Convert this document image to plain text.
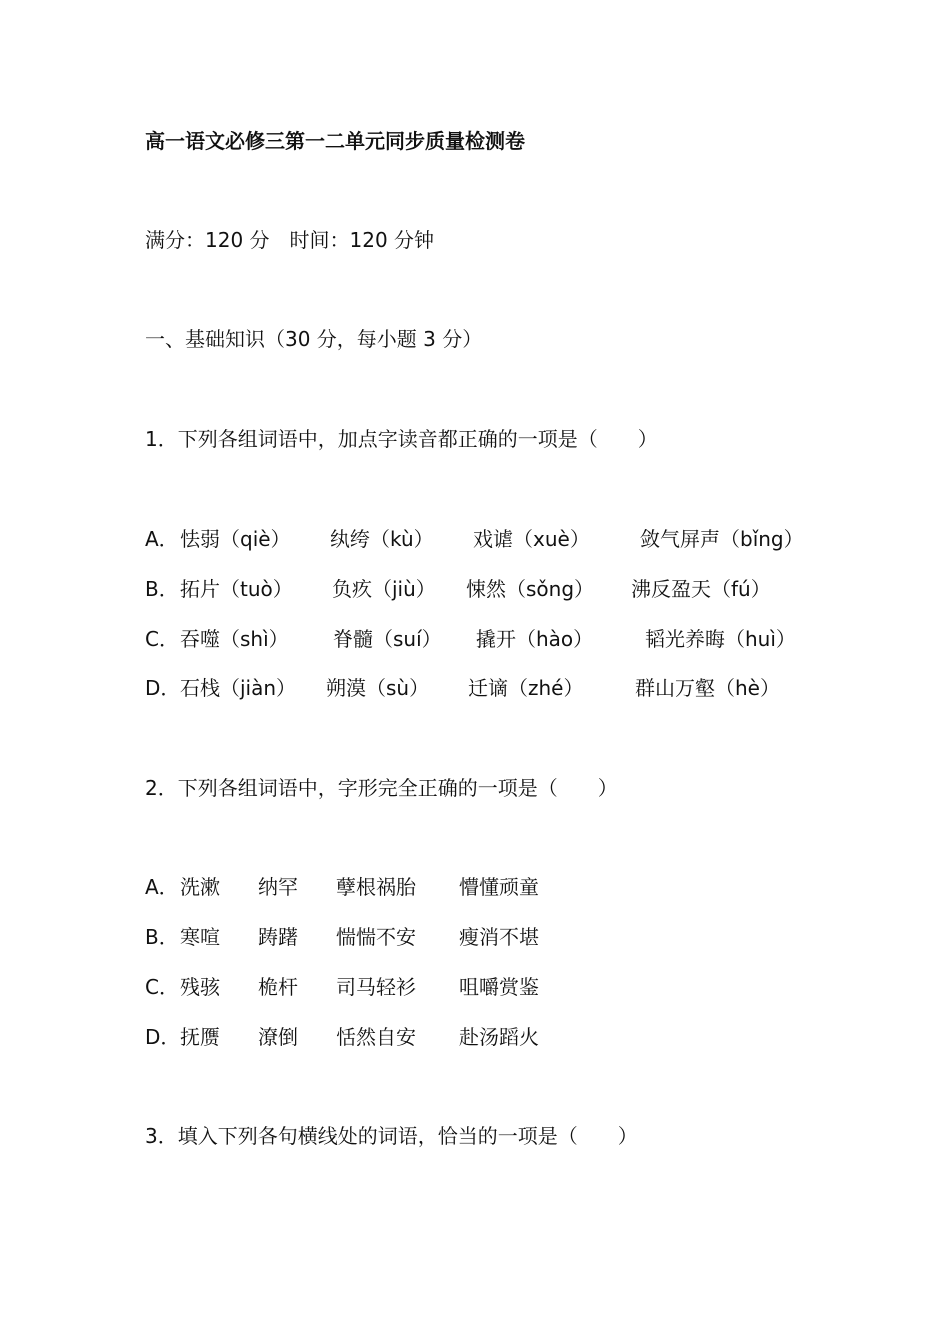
高一语文必修三第一二单元同步质量检测卷
满分：120 分　时间：120 分钟
一、基础知识（30 分，每小题 3 分）
1．下列各组词语中，加点字读音都正确的一项是（　　）
A． 怯弱（qiè） 纨绔（kù） 戏谑（xuè）	敛气屏声（bǐng）
B． 拓片（tuò） 负疚（jiù） 悚然（sǒng） 沸反盈天（fú）
C． 吞噬（shì） 脊髓（suí） 撬开（hào）	韬光养晦（huì）
D． 石栈（jiàn） 朔漠（sù） 迁谪（zhé）	群山万壑（hè）
2．下列各组词语中，字形完全正确的一项是（　　）
A． 洗漱 纳罕 孽根祸胎 懵懂顽童
B． 寒喧 踌躇 惴惴不安 瘦消不堪
C． 残骇 桅杆 司马轻衫 咀嚼赏鉴
D． 抚赝 潦倒 恬然自安 赴汤蹈火
3．填入下列各句横线处的词语，恰当的一项是（　　）
